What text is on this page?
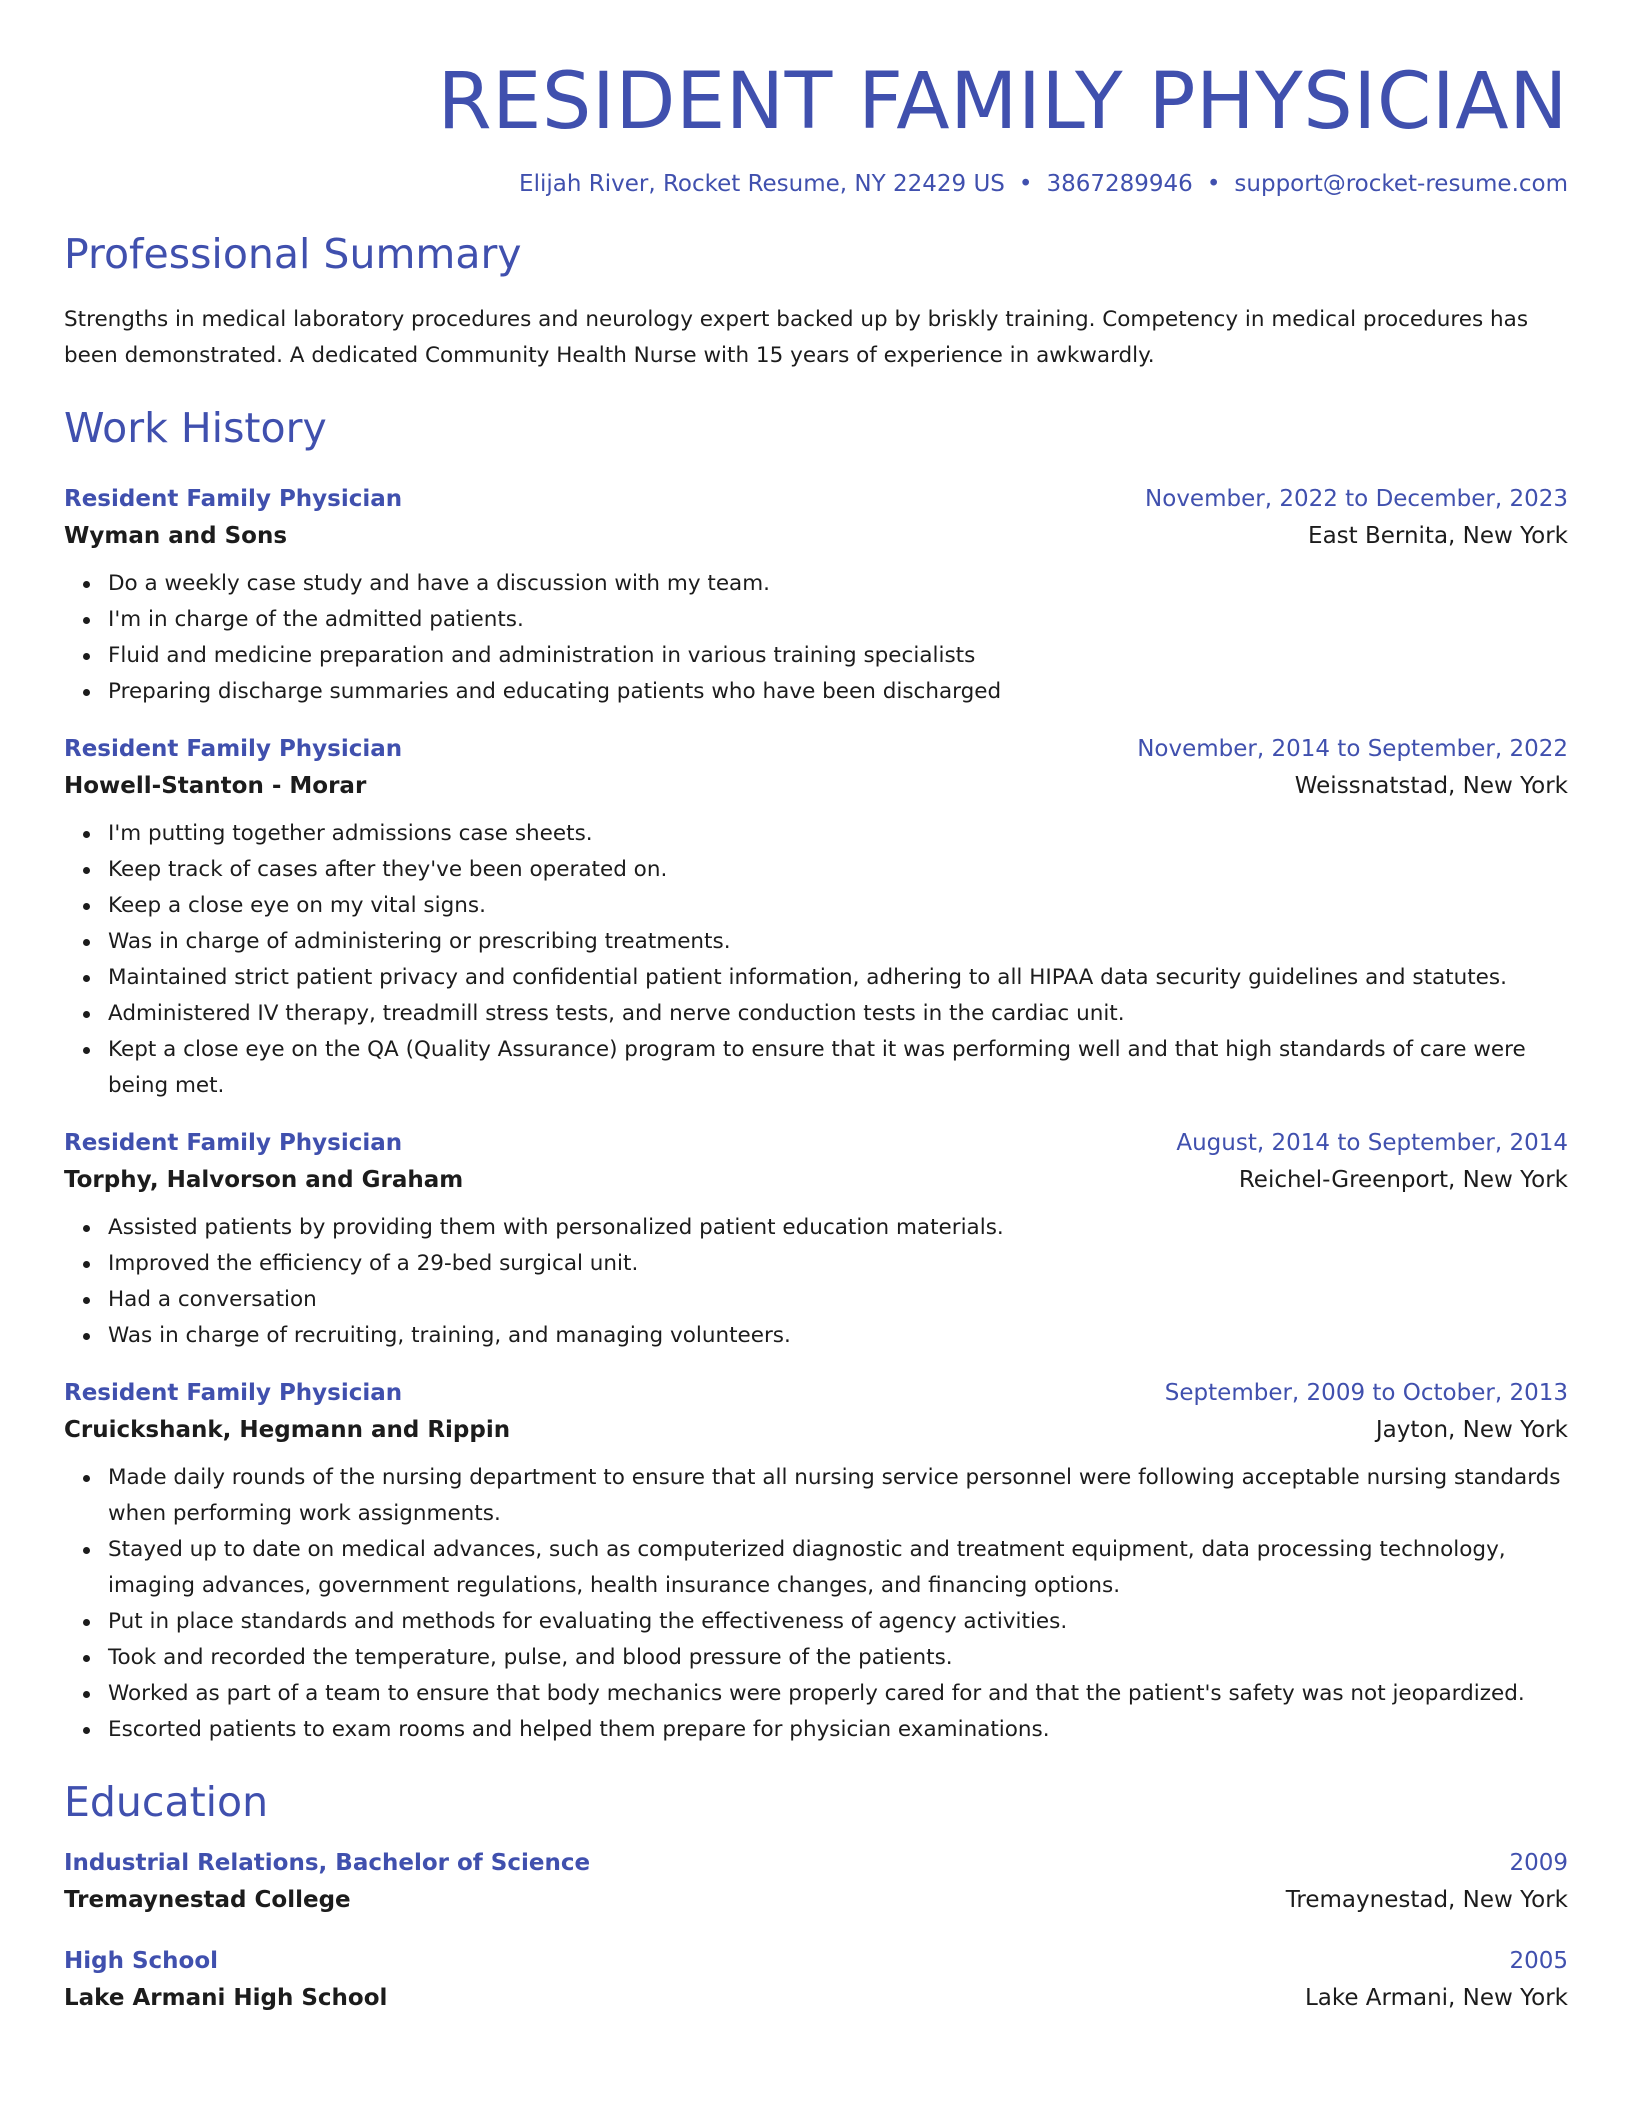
RESIDENT FAMILY PHYSICIAN
Elijah River, Rocket Resume, NY 22429 US • 3867289946 • support@rocket-resume.com
Professional Summary
Strengths in medical laboratory procedures and neurology expert backed up by briskly training. Competency in medical procedures has been demonstrated. A dedicated Community Health Nurse with 15 years of experience in awkwardly.
Work History
Resident Family Physician	November, 2022 to December, 2023
Wyman and Sons	East Bernita, New York
Do a weekly case study and have a discussion with my team.
I'm in charge of the admitted patients.
Fluid and medicine preparation and administration in various training specialists
Preparing discharge summaries and educating patients who have been discharged
Resident Family Physician	November, 2014 to September, 2022
Howell-Stanton - Morar	Weissnatstad, New York
I'm putting together admissions case sheets.
Keep track of cases after they've been operated on.
Keep a close eye on my vital signs.
Was in charge of administering or prescribing treatments.
Maintained strict patient privacy and confidential patient information, adhering to all HIPAA data security guidelines and statutes.
Administered IV therapy, treadmill stress tests, and nerve conduction tests in the cardiac unit.
Kept a close eye on the QA (Quality Assurance) program to ensure that it was performing well and that high standards of care were being met.
Resident Family Physician	August, 2014 to September, 2014
Torphy, Halvorson and Graham	Reichel-Greenport, New York
Assisted patients by providing them with personalized patient education materials.
Improved the efficiency of a 29-bed surgical unit.
Had a conversation
Was in charge of recruiting, training, and managing volunteers.
Resident Family Physician	September, 2009 to October, 2013
Cruickshank, Hegmann and Rippin	Jayton, New York
Made daily rounds of the nursing department to ensure that all nursing service personnel were following acceptable nursing standards when performing work assignments.
Stayed up to date on medical advances, such as computerized diagnostic and treatment equipment, data processing technology, imaging advances, government regulations, health insurance changes, and financing options.
Put in place standards and methods for evaluating the effectiveness of agency activities.
Took and recorded the temperature, pulse, and blood pressure of the patients.
Worked as part of a team to ensure that body mechanics were properly cared for and that the patient's safety was not jeopardized.
Escorted patients to exam rooms and helped them prepare for physician examinations.
Education
Industrial Relations, Bachelor of Science	2009
Tremaynestad College	Tremaynestad, New York
High School	2005
Lake Armani High School	Lake Armani, New York
